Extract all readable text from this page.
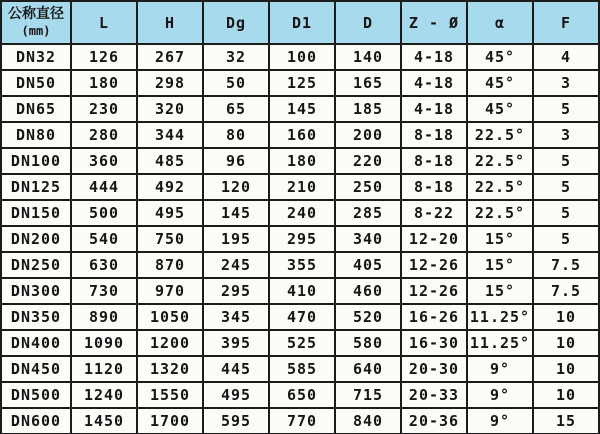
公称直径
(mm)	L	H	Dg	D1	D	Z - Ø	α	F
DN32	126	267	32	100	140	4-18	45°	4
DN50	180	298	50	125	165	4-18	45°	3
DN65	230	320	65	145	185	4-18	45°	5
DN80	280	344	80	160	200	8-18	22.5°	3
DN100	360	485	96	180	220	8-18	22.5°	5
DN125	444	492	120	210	250	8-18	22.5°	5
DN150	500	495	145	240	285	8-22	22.5°	5
DN200	540	750	195	295	340	12-20	15°	5
DN250	630	870	245	355	405	12-26	15°	7.5
DN300	730	970	295	410	460	12-26	15°	7.5
DN350	890	1050	345	470	520	16-26	11.25°	10
DN400	1090	1200	395	525	580	16-30	11.25°	10
DN450	1120	1320	445	585	640	20-30	9°	10
DN500	1240	1550	495	650	715	20-33	9°	10
DN600	1450	1700	595	770	840	20-36	9°	15
